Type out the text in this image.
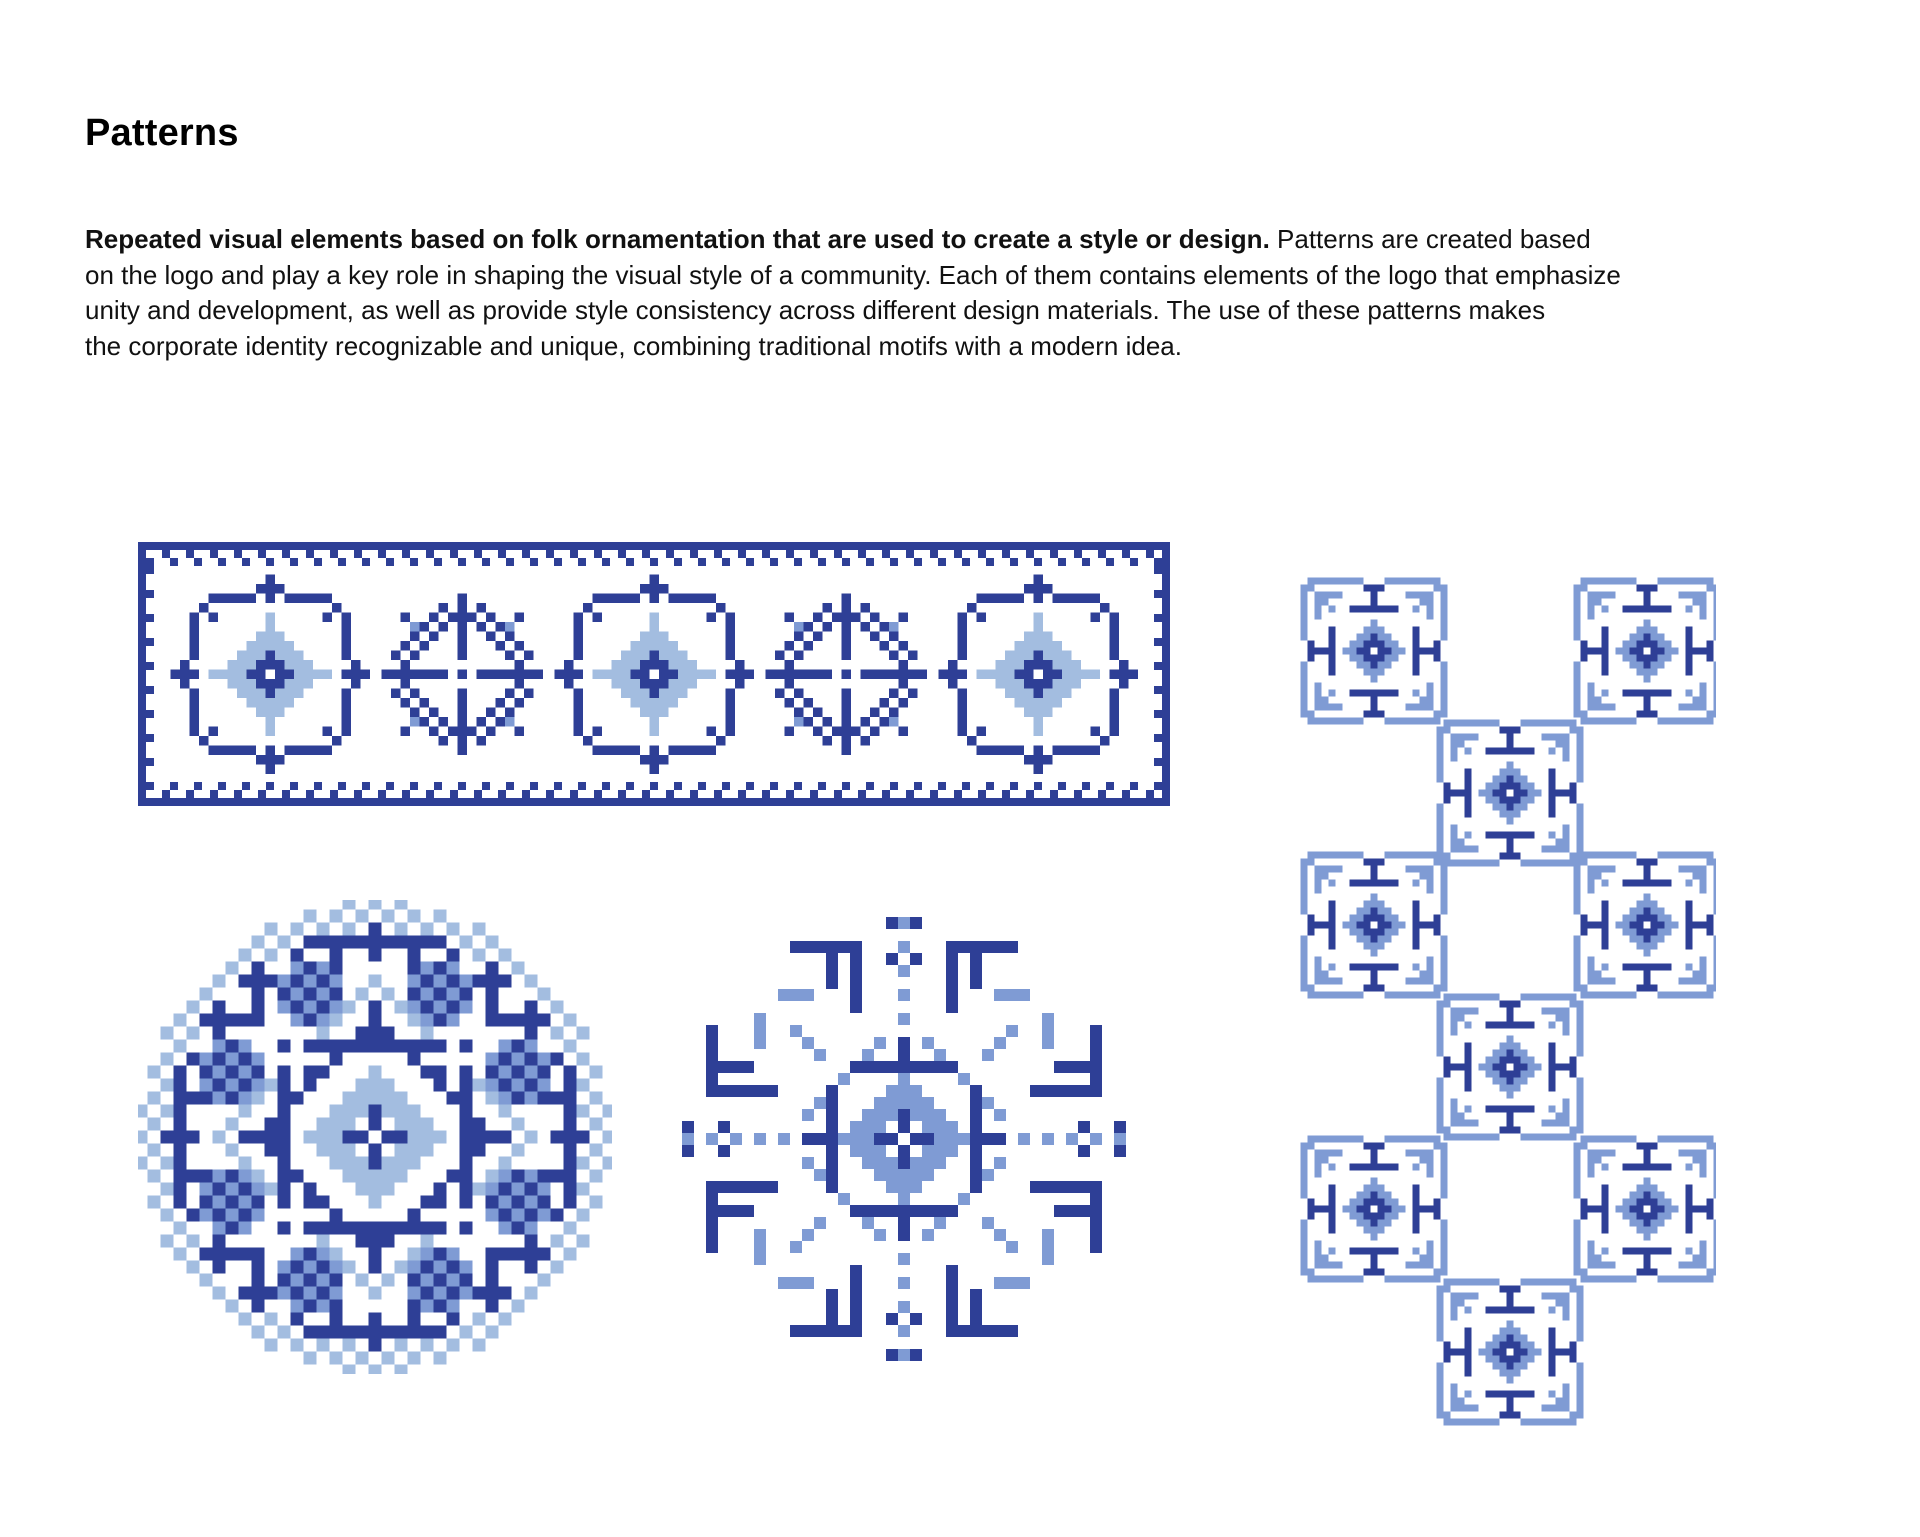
Patterns

Repeated visual elements based on folk ornamentation that are used to create a style or design. Patterns are created based
on the logo and play a key role in shaping the visual style of a community. Each of them contains elements of the logo that emphasize
unity and development, as well as provide style consistency across different design materials. The use of these patterns makes
the corporate identity recognizable and unique, combining traditional motifs with a modern idea.
